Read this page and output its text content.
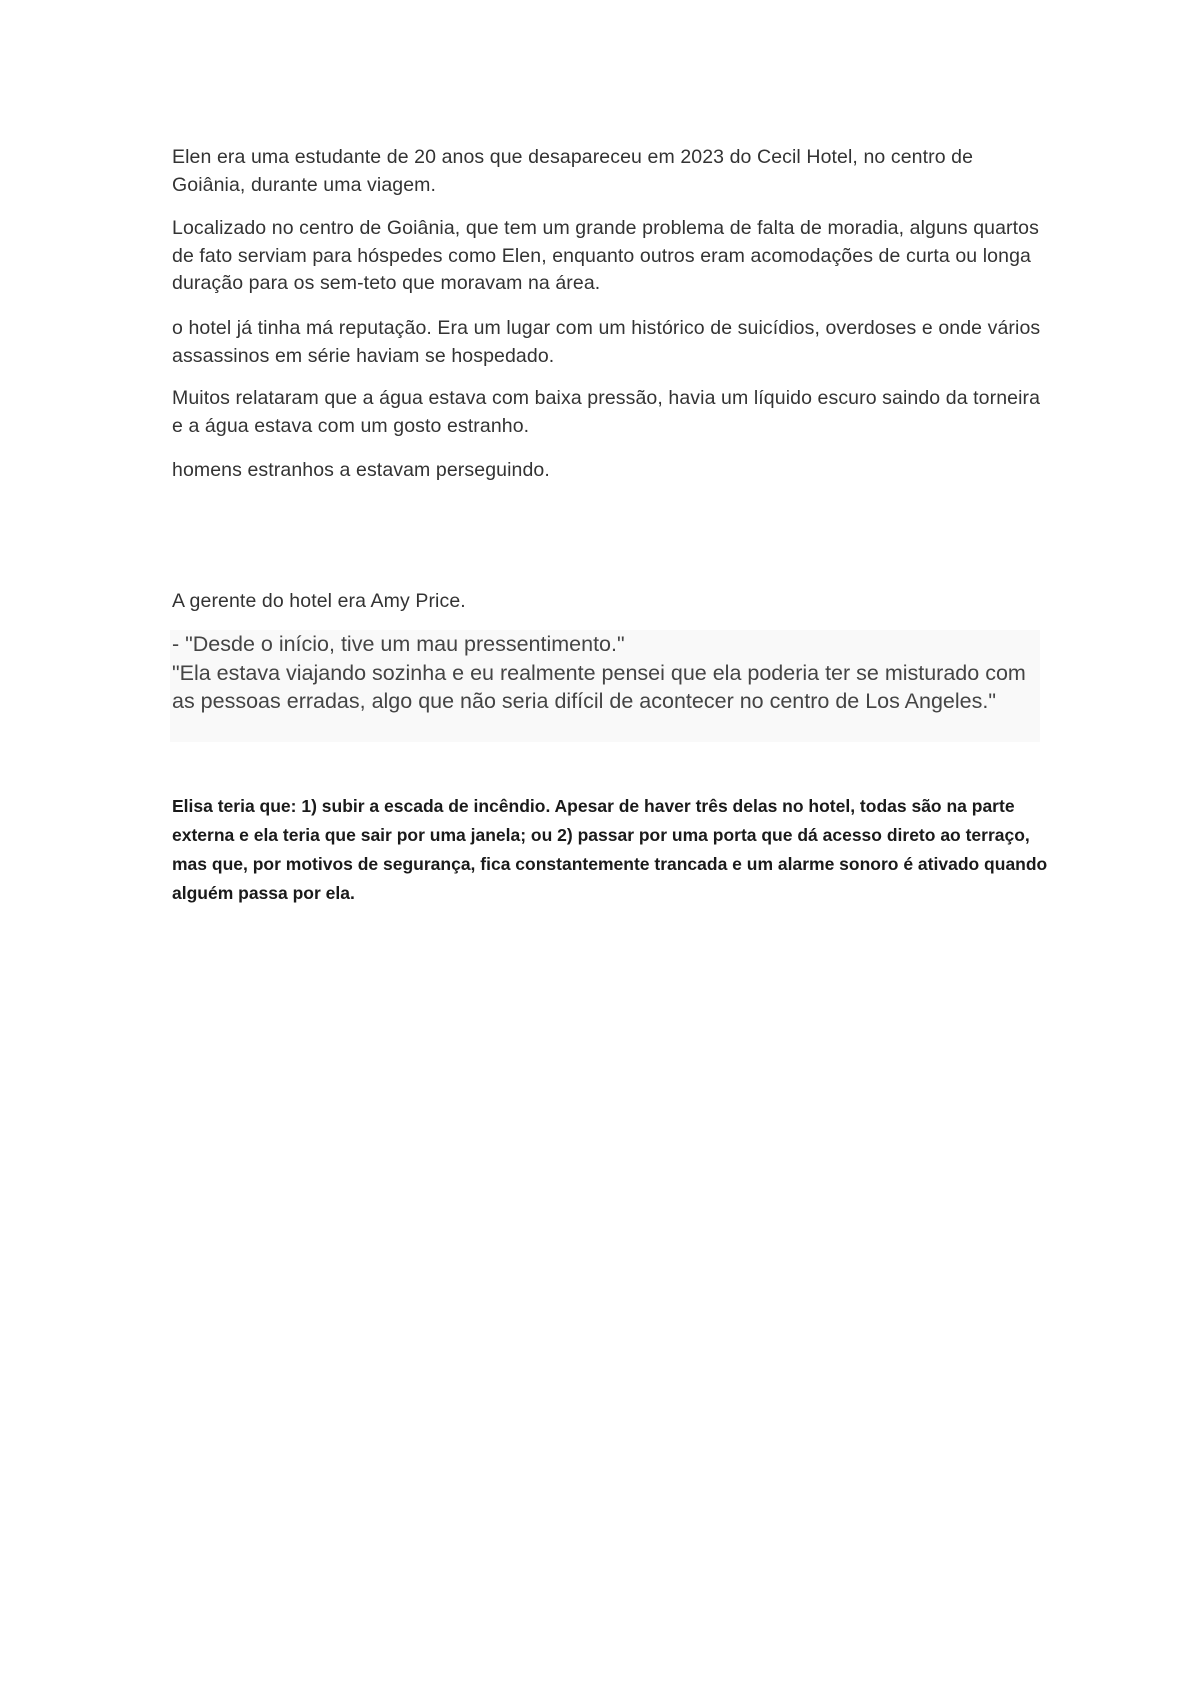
Elen era uma estudante de 20 anos que desapareceu em 2023 do Cecil Hotel, no centro de Goiânia, durante uma viagem.

Localizado no centro de Goiânia, que tem um grande problema de falta de moradia, alguns quartos de fato serviam para hóspedes como Elen, enquanto outros eram acomodações de curta ou longa duração para os sem-teto que moravam na área.

o hotel já tinha má reputação. Era um lugar com um histórico de suicídios, overdoses e onde vários assassinos em série haviam se hospedado.

Muitos relataram que a água estava com baixa pressão, havia um líquido escuro saindo da torneira e a água estava com um gosto estranho.

homens estranhos a estavam perseguindo.

A gerente do hotel era Amy Price.

- "Desde o início, tive um mau pressentimento."
"Ela estava viajando sozinha e eu realmente pensei que ela poderia ter se misturado com as pessoas erradas, algo que não seria difícil de acontecer no centro de Los Angeles."

Elisa teria que: 1) subir a escada de incêndio. Apesar de haver três delas no hotel, todas são na parte externa e ela teria que sair por uma janela; ou 2) passar por uma porta que dá acesso direto ao terraço, mas que, por motivos de segurança, fica constantemente trancada e um alarme sonoro é ativado quando alguém passa por ela.
